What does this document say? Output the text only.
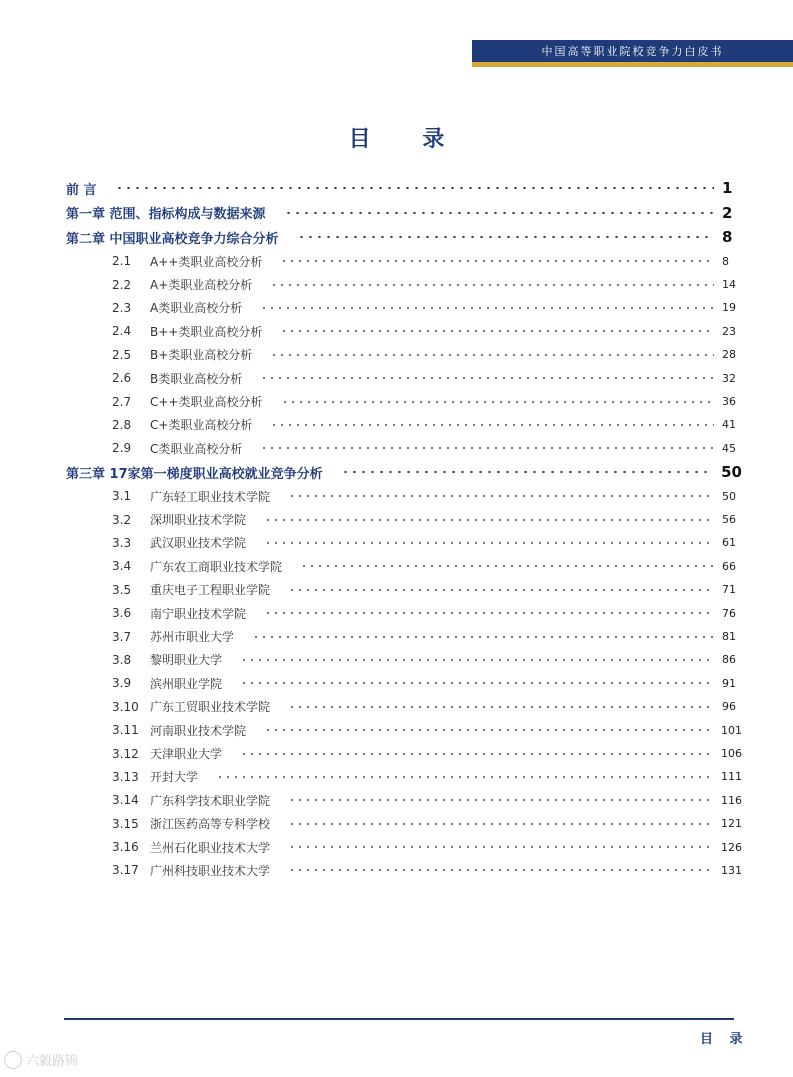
中国高等职业院校竞争力白皮书
目 录
前 言	1
第一章 范围、指标构成与数据来源	2
第二章 中国职业高校竞争力综合分析	8
2.1	A++类职业高校分析	8
2.2	A+类职业高校分析	14
2.3	A类职业高校分析	19
2.4	B++类职业高校分析	23
2.5	B+类职业高校分析	28
2.6	B类职业高校分析	32
2.7	C++类职业高校分析	36
2.8	C+类职业高校分析	41
2.9	C类职业高校分析	45
第三章 17家第一梯度职业高校就业竞争分析	50
3.1	广东轻工职业技术学院	50
3.2	深圳职业技术学院	56
3.3	武汉职业技术学院	61
3.4	广东农工商职业技术学院	66
3.5	重庆电子工程职业学院	71
3.6	南宁职业技术学院	76
3.7	苏州市职业大学	81
3.8	黎明职业大学	86
3.9	滨州职业学院	91
3.10 广东工贸职业技术学院	96
3.11 河南职业技术学院	101
3.12 天津职业大学	106
3.13 开封大学	111
3.14 广东科学技术职业学院	116
3.15 浙江医药高等专科学校	121
3.16 兰州石化职业技术大学	126
3.17 广州科技职业技术大学	131
目 录
六豰路锦
